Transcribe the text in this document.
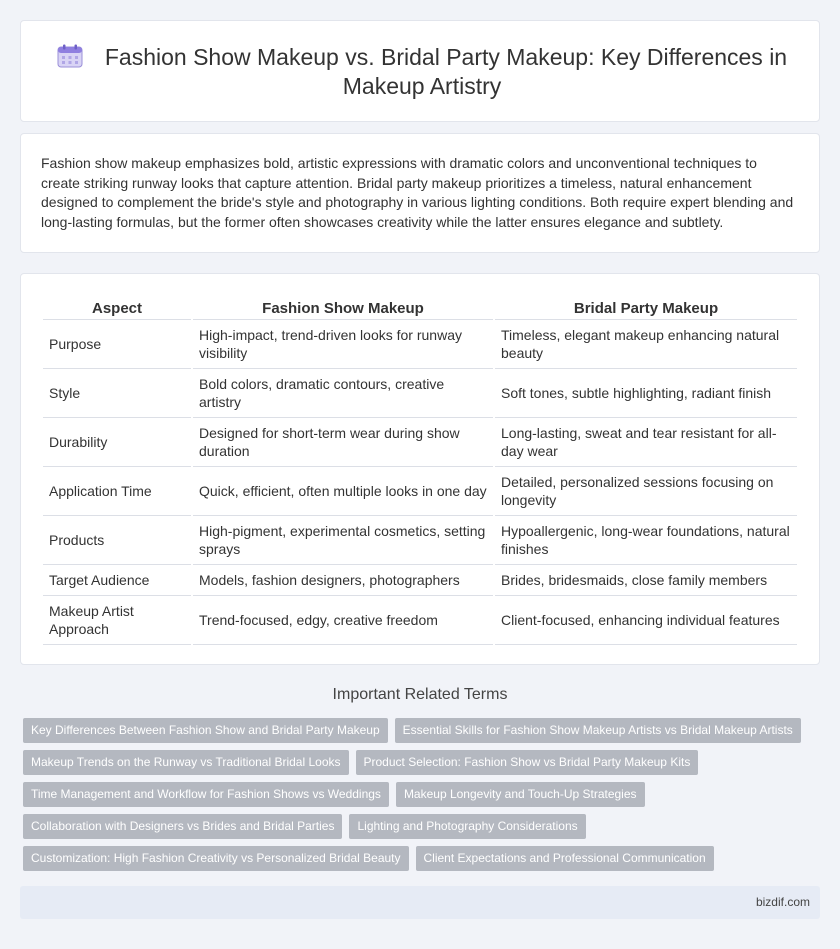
Fashion Show Makeup vs. Bridal Party Makeup: Key Differences in Makeup Artistry

Fashion show makeup emphasizes bold, artistic expressions with dramatic colors and unconventional techniques to create striking runway looks that capture attention. Bridal party makeup prioritizes a timeless, natural enhancement designed to complement the bride's style and photography in various lighting conditions. Both require expert blending and long-lasting formulas, but the former often showcases creativity while the latter ensures elegance and subtlety.

Aspect	Fashion Show Makeup	Bridal Party Makeup
Purpose	High-impact, trend-driven looks for runway visibility	Timeless, elegant makeup enhancing natural beauty
Style	Bold colors, dramatic contours, creative artistry	Soft tones, subtle highlighting, radiant finish
Durability	Designed for short-term wear during show duration	Long-lasting, sweat and tear resistant for all-day wear
Application Time	Quick, efficient, often multiple looks in one day	Detailed, personalized sessions focusing on longevity
Products	High-pigment, experimental cosmetics, setting sprays	Hypoallergenic, long-wear foundations, natural finishes
Target Audience	Models, fashion designers, photographers	Brides, bridesmaids, close family members
Makeup Artist Approach	Trend-focused, edgy, creative freedom	Client-focused, enhancing individual features
Important Related Terms
Key Differences Between Fashion Show and Bridal Party Makeup Essential Skills for Fashion Show Makeup Artists vs Bridal Makeup Artists
Makeup Trends on the Runway vs Traditional Bridal Looks Product Selection: Fashion Show vs Bridal Party Makeup Kits
Time Management and Workflow for Fashion Shows vs Weddings Makeup Longevity and Touch-Up Strategies
Collaboration with Designers vs Brides and Bridal Parties Lighting and Photography Considerations
Customization: High Fashion Creativity vs Personalized Bridal Beauty Client Expectations and Professional Communication
bizdif.com
